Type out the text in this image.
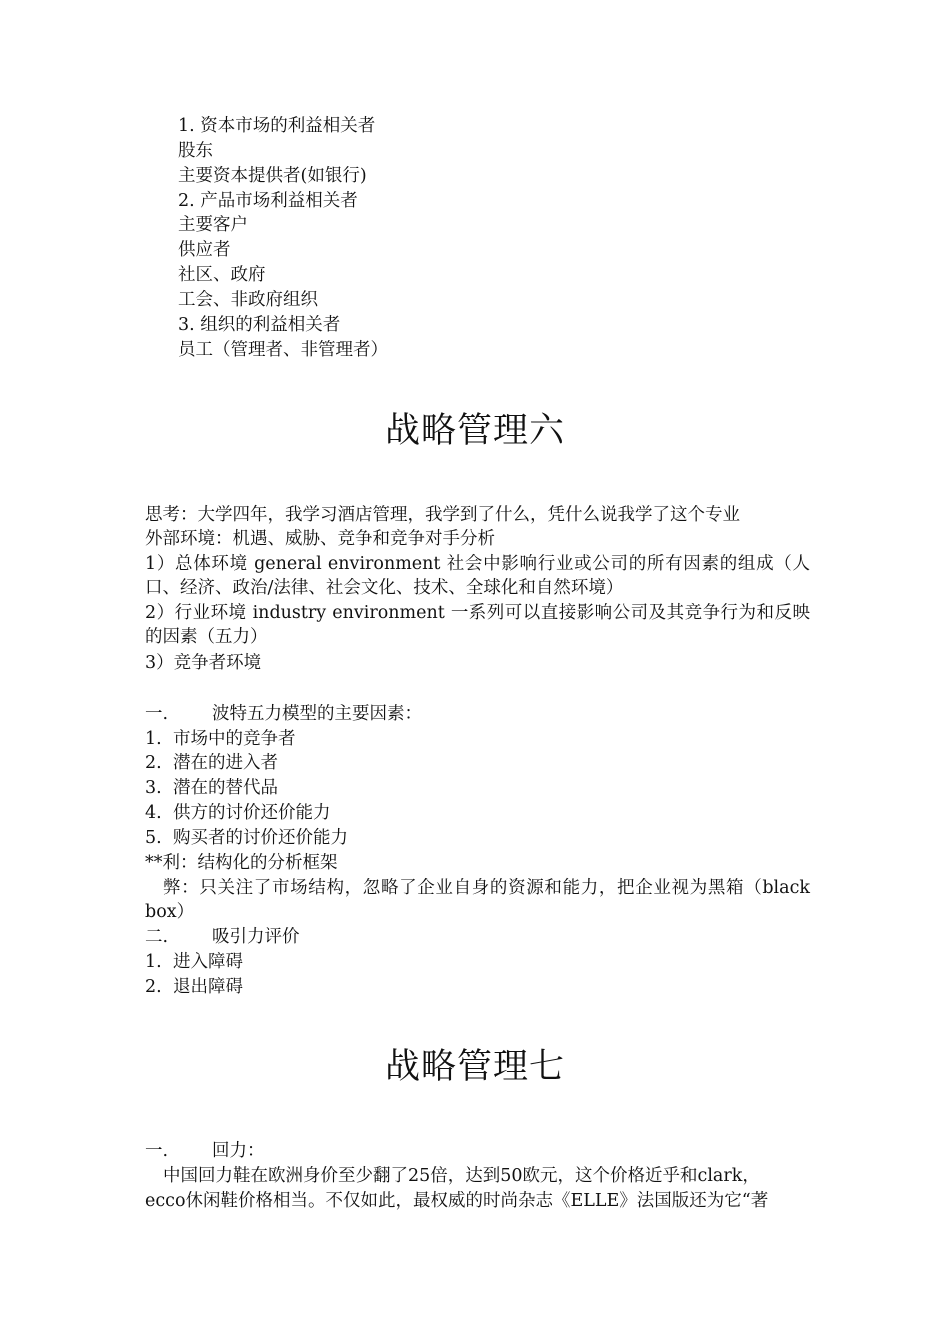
1. 资本市场的利益相关者
股东
主要资本提供者(如银行)
2. 产品市场利益相关者
主要客户
供应者
社区、政府
工会、非政府组织
3. 组织的利益相关者
员工（管理者、非管理者）
战略管理六
思考：大学四年，我学习酒店管理，我学到了什么，凭什么说我学了这个专业
外部环境：机遇、威胁、竞争和竞争对手分析
1）总体环境 general environment 社会中影响行业或公司的所有因素的组成（人口、经济、政治/法律、社会文化、技术、全球化和自然环境）
2）行业环境 industry environment 一系列可以直接影响公司及其竞争行为和反映的因素（五力）
3）竞争者环境
一.	波特五力模型的主要因素：
1. 市场中的竞争者
2. 潜在的进入者
3. 潜在的替代品
4. 供方的讨价还价能力
5. 购买者的讨价还价能力
**利：结构化的分析框架
弊：只关注了市场结构，忽略了企业自身的资源和能力，把企业视为黑箱（black box）
二.	吸引力评价
1. 进入障碍
2. 退出障碍
战略管理七
一.	回力：
中国回力鞋在欧洲身价至少翻了25倍，达到50欧元，这个价格近乎和clark，
ecco休闲鞋价格相当。不仅如此，最权威的时尚杂志《ELLE》法国版还为它“著
